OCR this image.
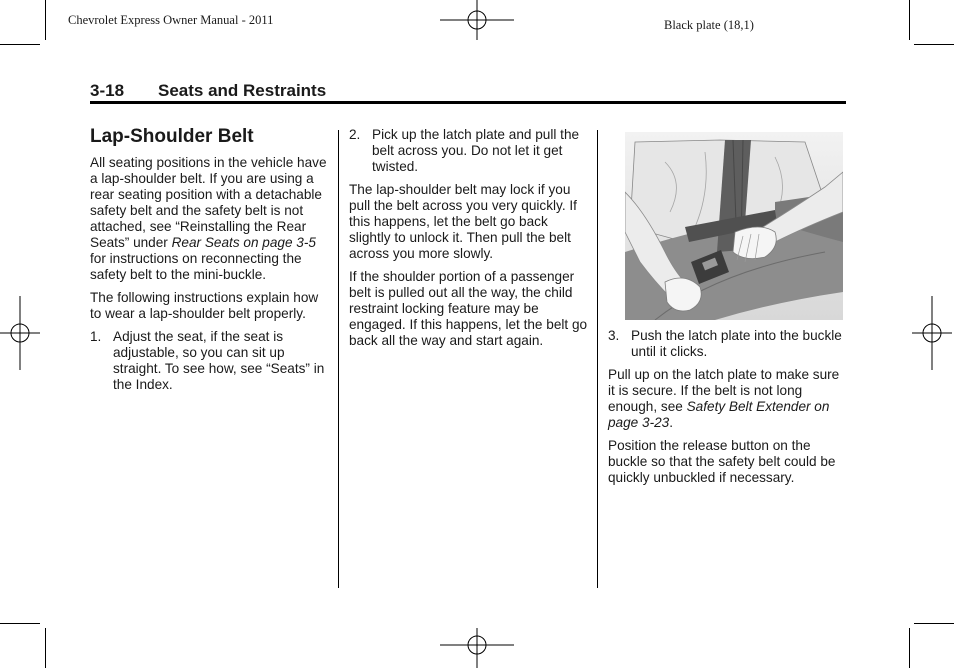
Chevrolet Express Owner Manual - 2011	Black plate (18,1)
3-18 Seats and Restraints
Lap-Shoulder Belt

All seating positions in the vehicle have a lap-shoulder belt. If you are using a rear seating position with a detachable safety belt and the safety belt is not attached, see “Reinstalling the Rear Seats” under Rear Seats on page 3-5 for instructions on reconnecting the safety belt to the mini-buckle.

The following instructions explain how to wear a lap-shoulder belt properly.

1. Adjust the seat, if the seat is adjustable, so you can sit up straight. To see how, see “Seats” in the Index.
2. Pick up the latch plate and pull the belt across you. Do not let it get twisted.

The lap-shoulder belt may lock if you pull the belt across you very quickly. If this happens, let the belt go back slightly to unlock it. Then pull the belt across you more slowly.

If the shoulder portion of a passenger belt is pulled out all the way, the child restraint locking feature may be engaged. If this happens, let the belt go back all the way and start again.	3. Push the latch plate into the buckle until it clicks.

Pull up on the latch plate to make sure it is secure. If the belt is not long enough, see Safety Belt Extender on page 3-23.

Position the release button on the buckle so that the safety belt could be quickly unbuckled if necessary.
